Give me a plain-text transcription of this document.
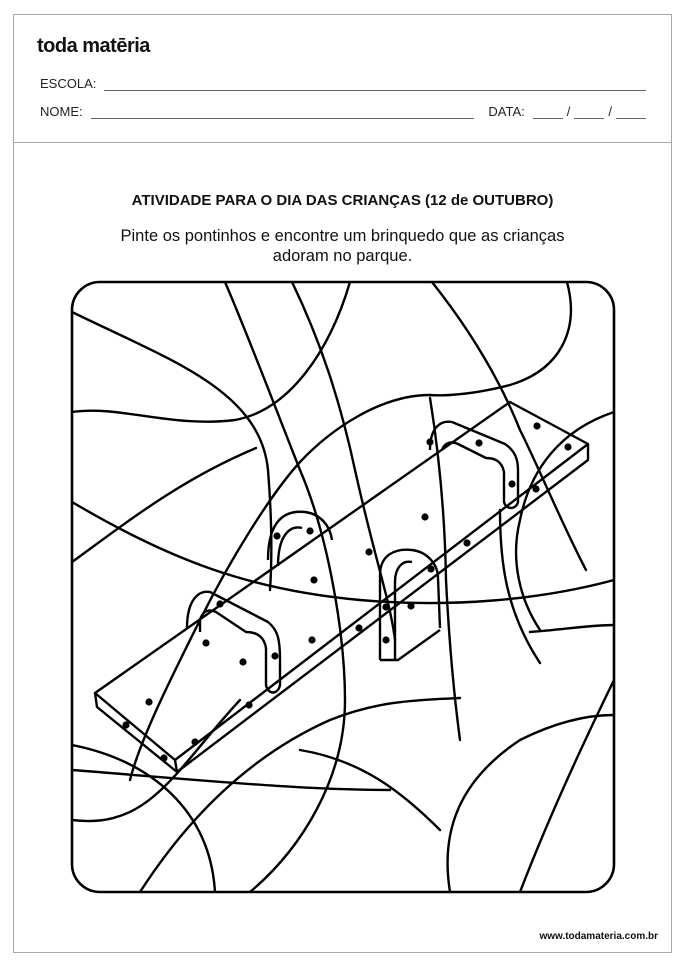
toda matēria
ESCOLA:
NOME:	DATA:	/	/
ATIVIDADE PARA O DIA DAS CRIANÇAS (12 de OUTUBRO)
Pinte os pontinhos e encontre um brinquedo que as crianças
adoram no parque.
www.todamateria.com.br
